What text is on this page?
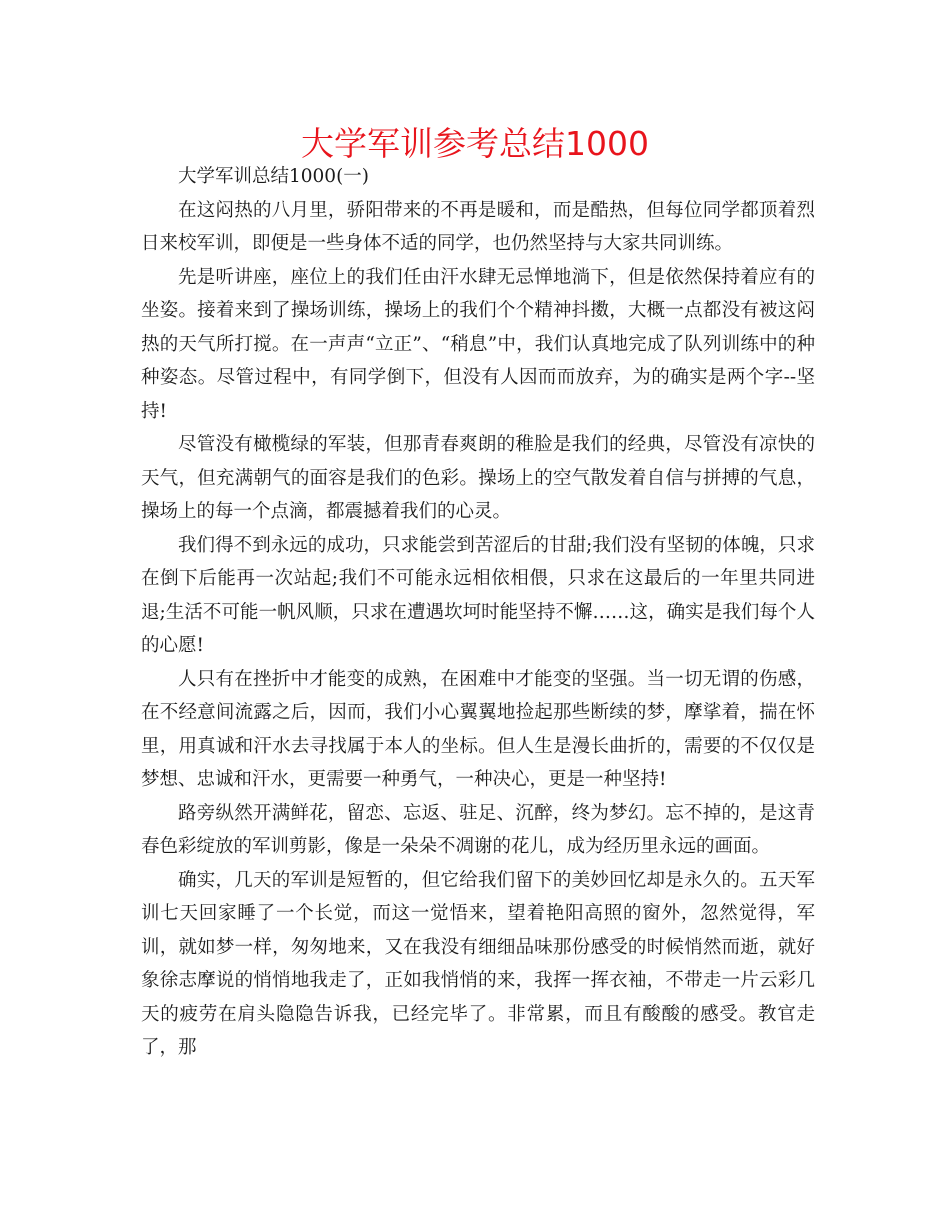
大学军训参考总结1000

大学军训总结1000(一)

在这闷热的八月里，骄阳带来的不再是暖和，而是酷热，但每位同学都顶着烈日来校军训，即便是一些身体不适的同学，也仍然坚持与大家共同训练。

先是听讲座，座位上的我们任由汗水肆无忌惮地淌下，但是依然保持着应有的坐姿。接着来到了操场训练，操场上的我们个个精神抖擞，大概一点都没有被这闷热的天气所打搅。在一声声“立正”、“稍息”中，我们认真地完成了队列训练中的种种姿态。尽管过程中，有同学倒下，但没有人因而而放弃，为的确实是两个字--坚持!

尽管没有橄榄绿的军装，但那青春爽朗的稚脸是我们的经典，尽管没有凉快的天气，但充满朝气的面容是我们的色彩。操场上的空气散发着自信与拼搏的气息，操场上的每一个点滴，都震撼着我们的心灵。

我们得不到永远的成功，只求能尝到苦涩后的甘甜;我们没有坚韧的体魄，只求在倒下后能再一次站起;我们不可能永远相依相偎，只求在这最后的一年里共同进退;生活不可能一帆风顺，只求在遭遇坎坷时能坚持不懈……这，确实是我们每个人的心愿!

人只有在挫折中才能变的成熟，在困难中才能变的坚强。当一切无谓的伤感，在不经意间流露之后，因而，我们小心翼翼地捡起那些断续的梦，摩挲着，揣在怀里，用真诚和汗水去寻找属于本人的坐标。但人生是漫长曲折的，需要的不仅仅是梦想、忠诚和汗水，更需要一种勇气，一种决心，更是一种坚持!

路旁纵然开满鲜花，留恋、忘返、驻足、沉醉，终为梦幻。忘不掉的，是这青春色彩绽放的军训剪影，像是一朵朵不凋谢的花儿，成为经历里永远的画面。

确实，几天的军训是短暂的，但它给我们留下的美妙回忆却是永久的。五天军训七天回家睡了一个长觉，而这一觉悟来，望着艳阳高照的窗外，忽然觉得，军训，就如梦一样，匆匆地来，又在我没有细细品味那份感受的时候悄然而逝，就好象徐志摩说的悄悄地我走了，正如我悄悄的来，我挥一挥衣袖，不带走一片云彩几天的疲劳在肩头隐隐告诉我，已经完毕了。非常累，而且有酸酸的感受。教官走了，那
